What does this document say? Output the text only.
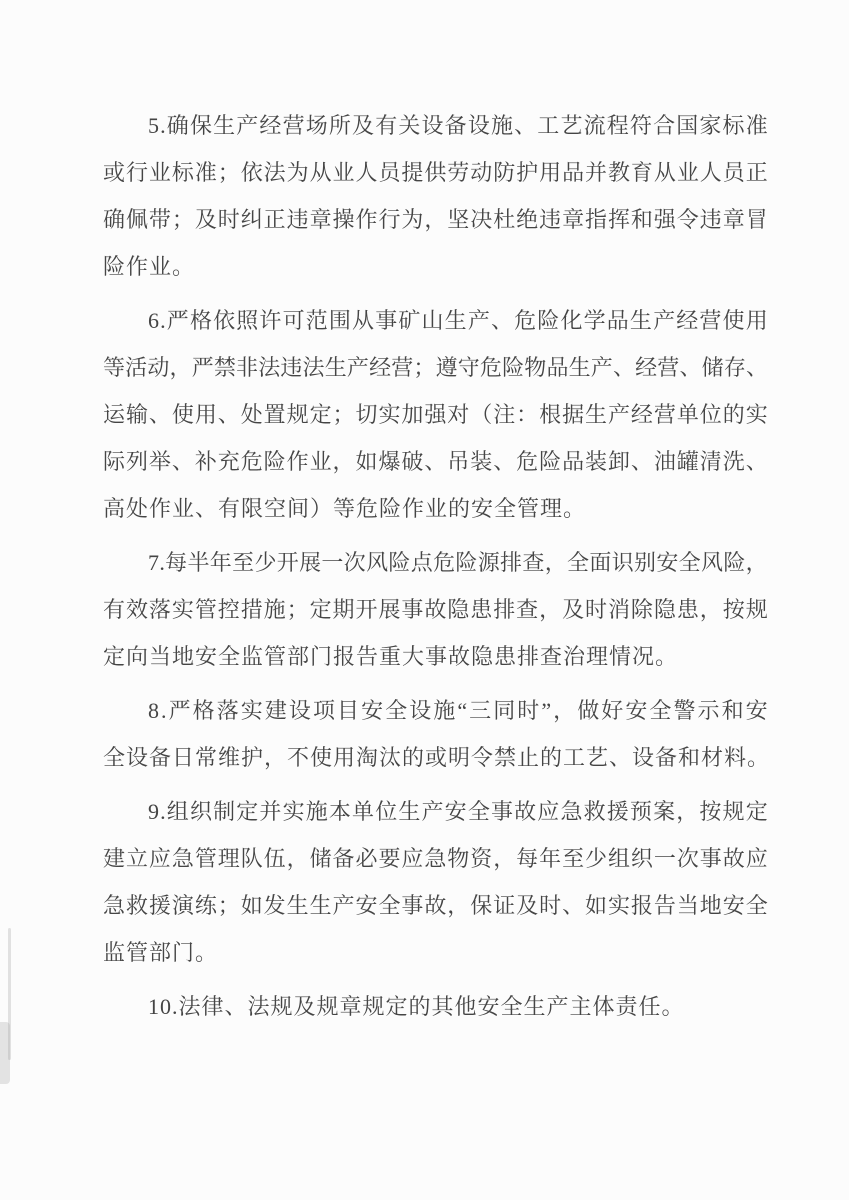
5 . 确 保 生 产 经 营 场 所 及 有 关 设 备 设 施 、 工 艺 流 程 符 合 国 家 标 准
或 行 业 标 准 ； 依 法 为 从 业 人 员 提 供 劳 动 防 护 用 品 并 教 育 从 业 人 员 正
确 佩 带 ； 及 时 纠 正 违 章 操 作 行 为 ， 坚 决 杜 绝 违 章 指 挥 和 强 令 违 章 冒
险作业。
6 . 严 格 依 照 许 可 范 围 从 事 矿 山 生 产 、 危 险 化 学 品 生 产 经 营 使 用
等 活 动 ， 严 禁 非 法 违 法 生 产 经 营 ； 遵 守 危 险 物 品 生 产 、 经 营 、 储 存 、
运 输 、 使 用 、 处 置 规 定 ； 切 实 加 强 对 （ 注 ： 根 据 生 产 经 营 单 位 的 实
际 列 举 、 补 充 危 险 作 业 ， 如 爆 破 、 吊 装 、 危 险 品 装 卸 、 油 罐 清 洗 、
高处作业、有限空间）等危险作业的安全管理。
7 . 每 半 年 至 少 开 展 一 次 风 险 点 危 险 源 排 查 ， 全 面 识 别 安 全 风 险 ，
有 效 落 实 管 控 措 施 ； 定 期 开 展 事 故 隐 患 排 查 ， 及 时 消 除 隐 患 ， 按 规
定向当地安全监管部门报告重大事故隐患排查治理情况。
8 . 严 格 落 实 建 设 项 目 安 全 设 施 “ 三 同 时 ” ， 做 好 安 全 警 示 和 安
全设备日常维护，不使用淘汰的或明令禁止的工艺、设备和材料。
9 . 组 织 制 定 并 实 施 本 单 位 生 产 安 全 事 故 应 急 救 援 预 案 ， 按 规 定
建 立 应 急 管 理 队 伍 ， 储 备 必 要 应 急 物 资 ， 每 年 至 少 组 织 一 次 事 故 应
急 救 援 演 练 ； 如 发 生 生 产 安 全 事 故 ， 保 证 及 时 、 如 实 报 告 当 地 安 全
监管部门。
10.法律、法规及规章规定的其他安全生产主体责任。
